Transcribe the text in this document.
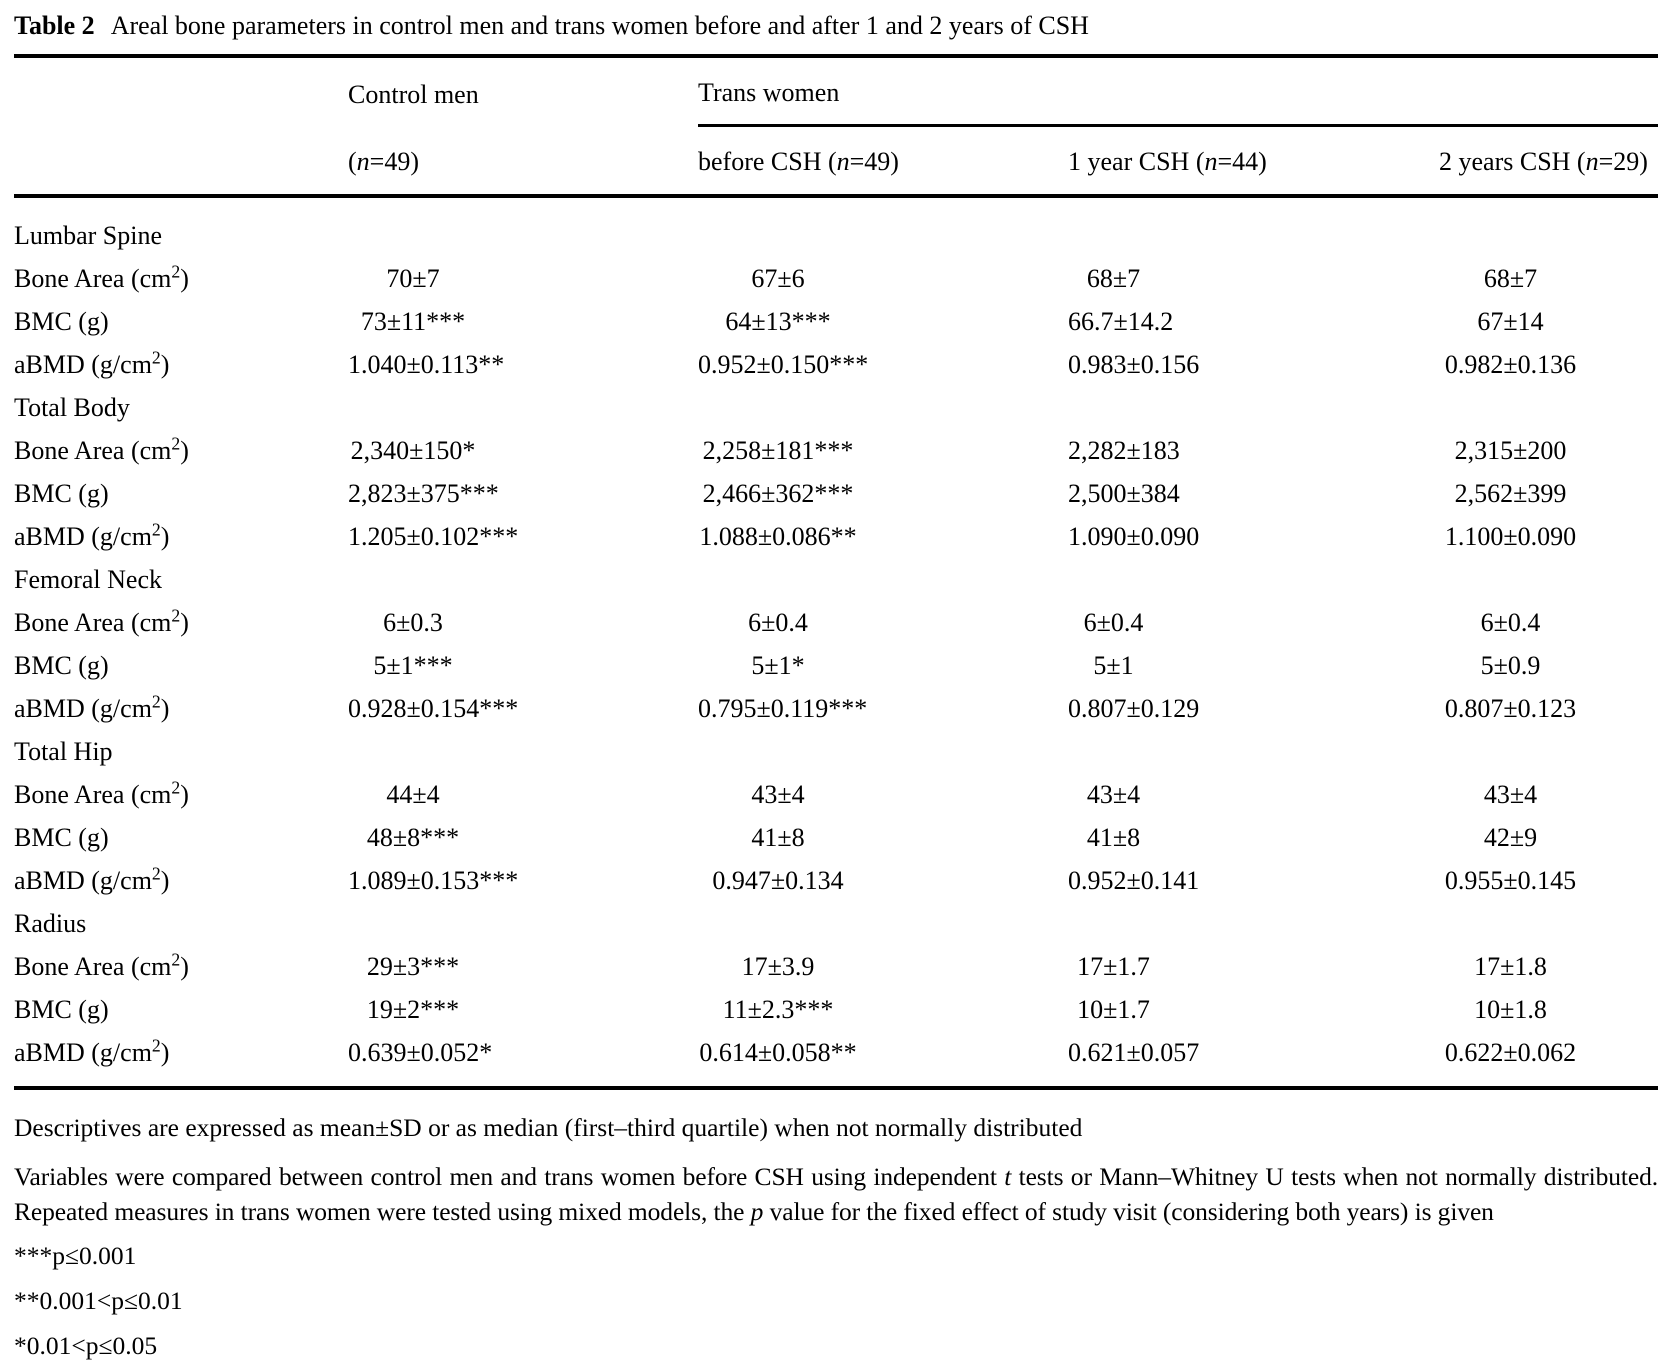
Table 2 Areal bone parameters in control men and trans women before and after 1 and 2 years of CSH
	Control men	Trans women		
	(n=49)	before CSH (n=49)	1 year CSH (n=44)	2 years CSH (n=29)
Lumbar Spine				
Bone Area $(cm^2)$	70±7	67±6	68±7	68±7
BMC (g)	73±11***	64±13***	66.7±14.2	67±14
aBMD $(g/cm^2)$	1.040±0.113**	0.952±0.150***	0.983±0.156	0.982±0.136
Total Body				
Bone Area $(cm^2)$	2,340±150*	2,258±181***	2,282±183	2,315±200
BMC (g)	2,823±375***	2,466±362***	2,500±384	2,562±399
aBMD $(g/cm^2)$	1.205±0.102***	1.088±0.086**	1.090±0.090	1.100±0.090
Femoral Neck				
Bone Area $(cm^2)$	6±0.3	6±0.4	6±0.4	6±0.4
BMC (g)	5±1***	5±1*	5±1	5±0.9
aBMD $(g/cm^2)$	0.928±0.154***	0.795±0.119***	0.807±0.129	0.807±0.123
Total Hip				
Bone Area $(cm^2)$	44±4	43±4	43±4	43±4
BMC (g)	48±8***	41±8	41±8	42±9
aBMD $(g/cm^2)$	1.089±0.153***	0.947±0.134	0.952±0.141	0.955±0.145
Radius				
Bone Area $(cm^2)$	29±3***	17±3.9	17±1.7	17±1.8
BMC (g)	19±2***	11±2.3***	10±1.7	10±1.8
aBMD $(g/cm^2)$	0.639±0.052*	0.614±0.058**	0.621±0.057	0.622±0.062

Descriptives are expressed as mean±SD or as median (first–third quartile) when not normally distributed

Variables were compared between control men and trans women before CSH using independent t tests or Mann–Whitney U tests when not normally distributed. Repeated measures in trans women were tested using mixed models, the p value for the fixed effect of study visit (considering both years) is given

***p≤0.001

**0.001<p≤0.01

*0.01<p≤0.05
